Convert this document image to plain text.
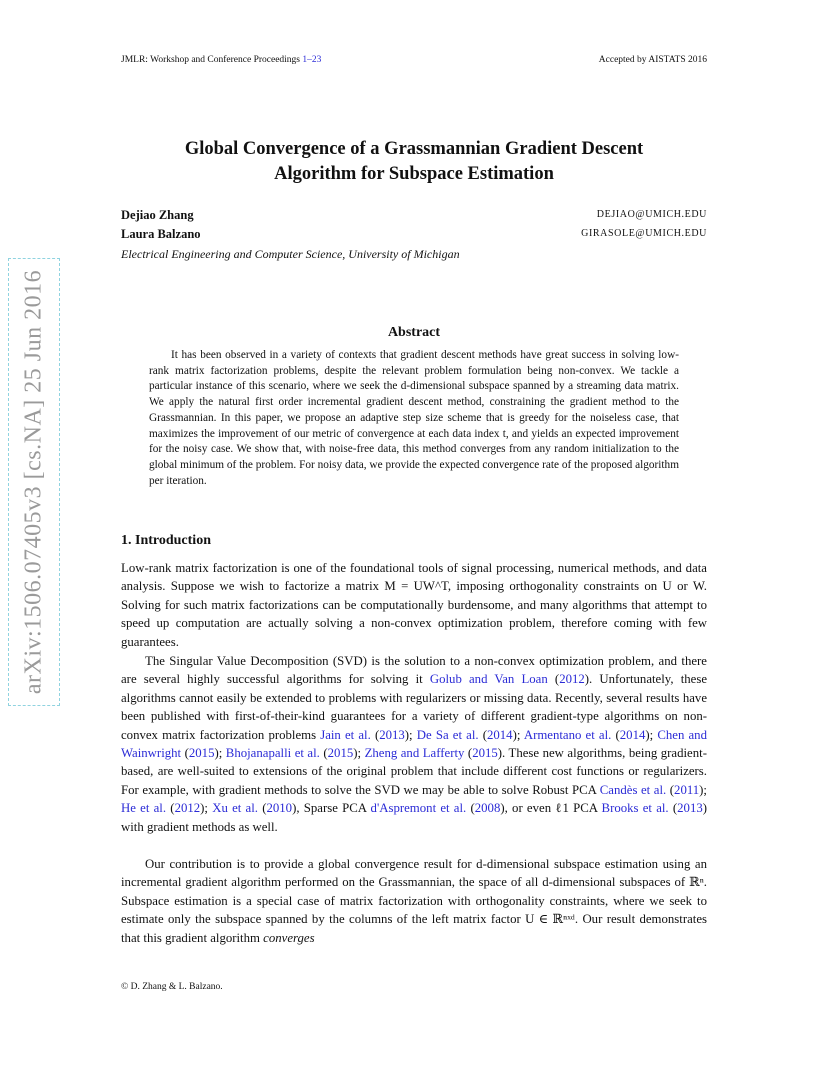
JMLR: Workshop and Conference Proceedings 1–23	Accepted by AISTATS 2016
arXiv:1506.07405v3 [cs.NA] 25 Jun 2016
Global Convergence of a Grassmannian Gradient Descent
Algorithm for Subspace Estimation
Dejiao Zhang	DEJIAO@UMICH.EDU
Laura Balzano	GIRASOLE@UMICH.EDU
Electrical Engineering and Computer Science, University of Michigan
Abstract
It has been observed in a variety of contexts that gradient descent methods have great success in solving low-rank matrix factorization problems, despite the relevant problem formulation being non-convex. We tackle a particular instance of this scenario, where we seek the d-dimensional subspace spanned by a streaming data matrix. We apply the natural first order incremental gradient descent method, constraining the gradient method to the Grassmannian. In this paper, we propose an adaptive step size scheme that is greedy for the noiseless case, that maximizes the improvement of our metric of convergence at each data index t, and yields an expected improvement for the noisy case. We show that, with noise-free data, this method converges from any random initialization to the global minimum of the problem. For noisy data, we provide the expected convergence rate of the proposed algorithm per iteration.
1. Introduction

Low-rank matrix factorization is one of the foundational tools of signal processing, numerical methods, and data analysis. Suppose we wish to factorize a matrix M = UW^T, imposing orthogonality constraints on U or W. Solving for such matrix factorizations can be computationally burdensome, and many algorithms that attempt to speed up computation are actually solving a non-convex optimization problem, therefore coming with few guarantees.

The Singular Value Decomposition (SVD) is the solution to a non-convex optimization problem, and there are several highly successful algorithms for solving it Golub and Van Loan (2012). Unfortunately, these algorithms cannot easily be extended to problems with regularizers or missing data. Recently, several results have been published with first-of-their-kind guarantees for a variety of different gradient-type algorithms on non-convex matrix factorization problems Jain et al. (2013); De Sa et al. (2014); Armentano et al. (2014); Chen and Wainwright (2015); Bhojanapalli et al. (2015); Zheng and Lafferty (2015). These new algorithms, being gradient-based, are well-suited to extensions of the original problem that include different cost functions or regularizers. For example, with gradient methods to solve the SVD we may be able to solve Robust PCA Candès et al. (2011); He et al. (2012); Xu et al. (2010), Sparse PCA d'Aspremont et al. (2008), or even ℓ1 PCA Brooks et al. (2013) with gradient methods as well.

Our contribution is to provide a global convergence result for d-dimensional subspace estimation using an incremental gradient algorithm performed on the Grassmannian, the space of all d-dimensional subspaces of ℝⁿ. Subspace estimation is a special case of matrix factorization with orthogonality constraints, where we seek to estimate only the subspace spanned by the columns of the left matrix factor U ∈ ℝⁿˣᵈ. Our result demonstrates that this gradient algorithm converges

© D. Zhang & L. Balzano.
